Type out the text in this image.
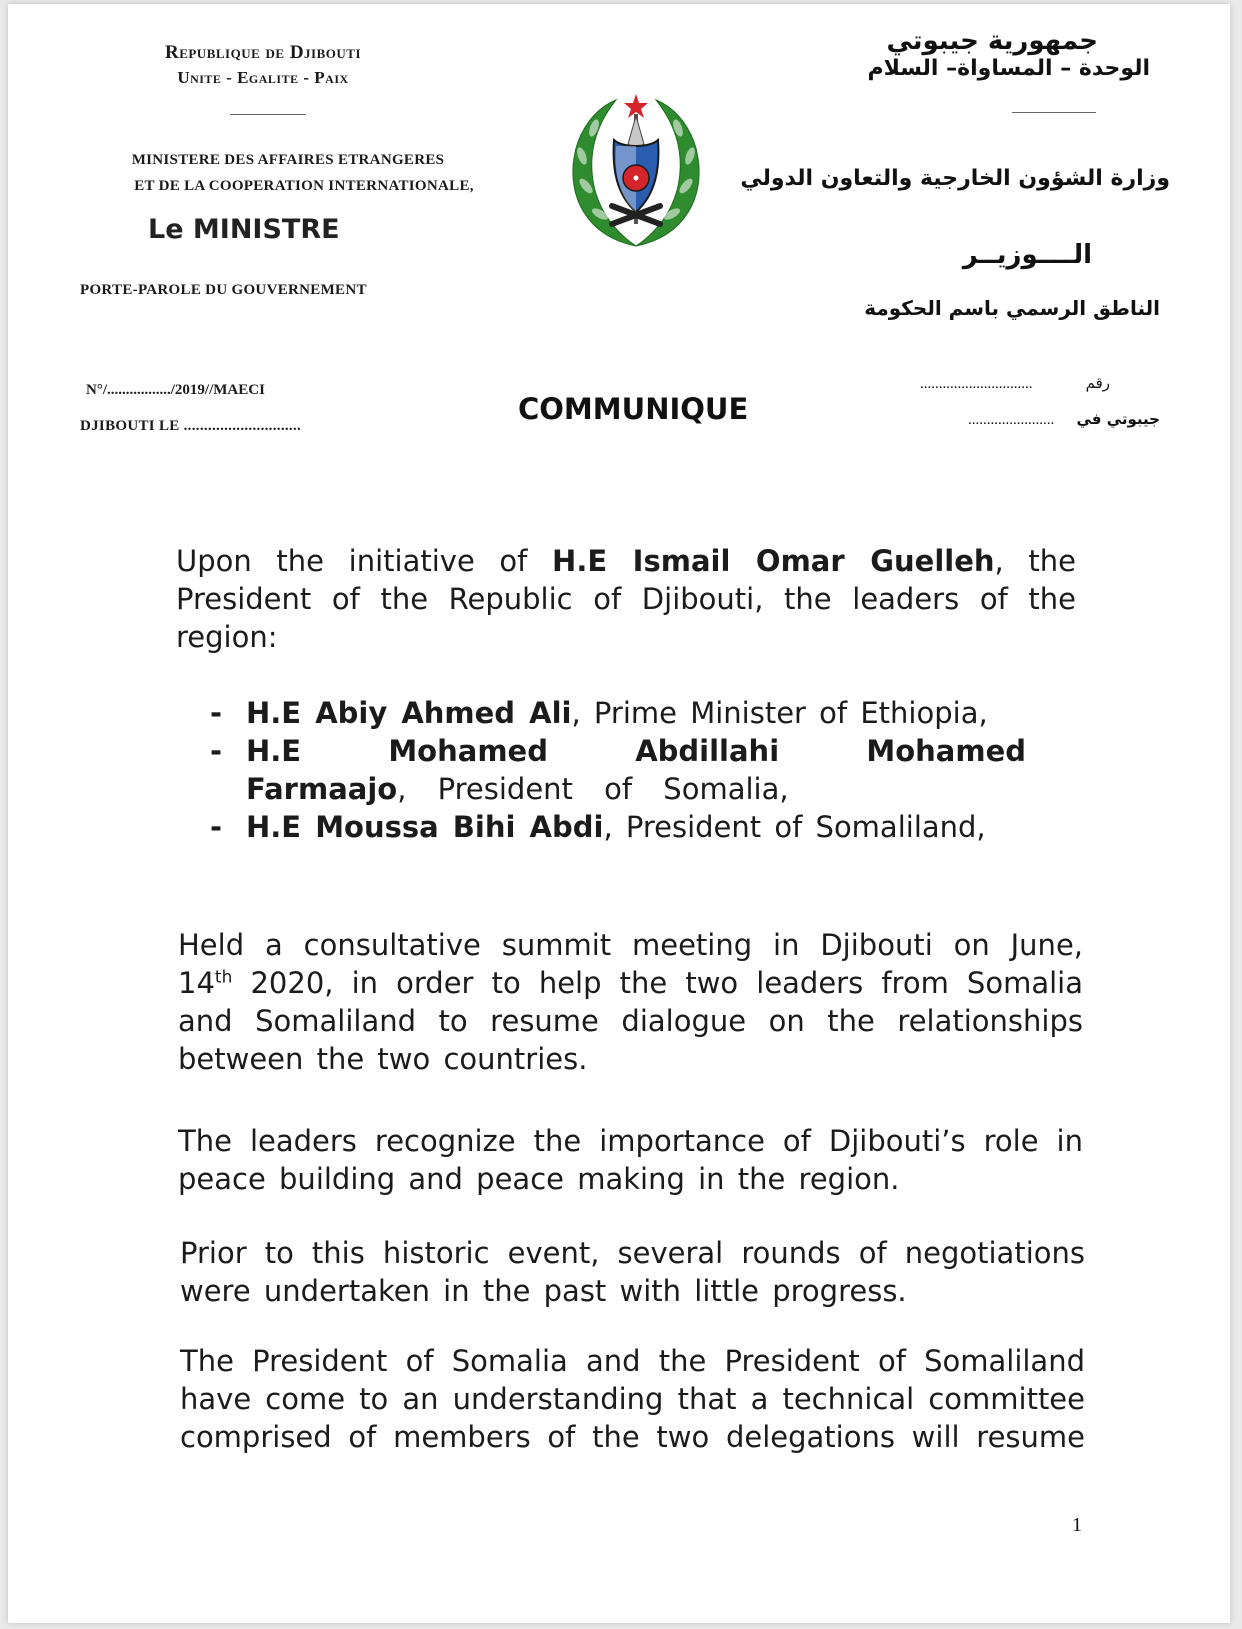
Republique de Djibouti
Unite - Egalite - Paix
MINISTERE DES AFFAIRES ETRANGERES
ET DE LA COOPERATION INTERNATIONALE,
Le MINISTRE
PORTE-PAROLE DU GOUVERNEMENT
جمهورية جيبوتي
الوحدة – المساواة– السلام
وزارة الشؤون الخارجية والتعاون الدولي
الــــوزيــر
الناطق الرسمي باسم الحكومة
N°/................./2019//MAECI
DJIBOUTI LE .............................
رقم
..............................
جيبوتي في
.......................
COMMUNIQUE
Upon the initiative of H.E Ismail Omar Guelleh, the President of the Republic of Djibouti, the leaders of the region:
- H.E Abiy Ahmed Ali, Prime Minister of Ethiopia,
- H.E Mohamed Abdillahi Mohamed Farmaajo, President of Somalia,
- H.E Moussa Bihi Abdi, President of Somaliland,
Held a consultative summit meeting in Djibouti on June, 14th 2020, in order to help the two leaders from Somalia and Somaliland to resume dialogue on the relationships between the two countries.
The leaders recognize the importance of Djibouti’s role in peace building and peace making in the region.
Prior to this historic event, several rounds of negotiations were undertaken in the past with little progress.
The President of Somalia and the President of Somaliland have come to an understanding that a technical committee comprised of members of the two delegations will resume
1
